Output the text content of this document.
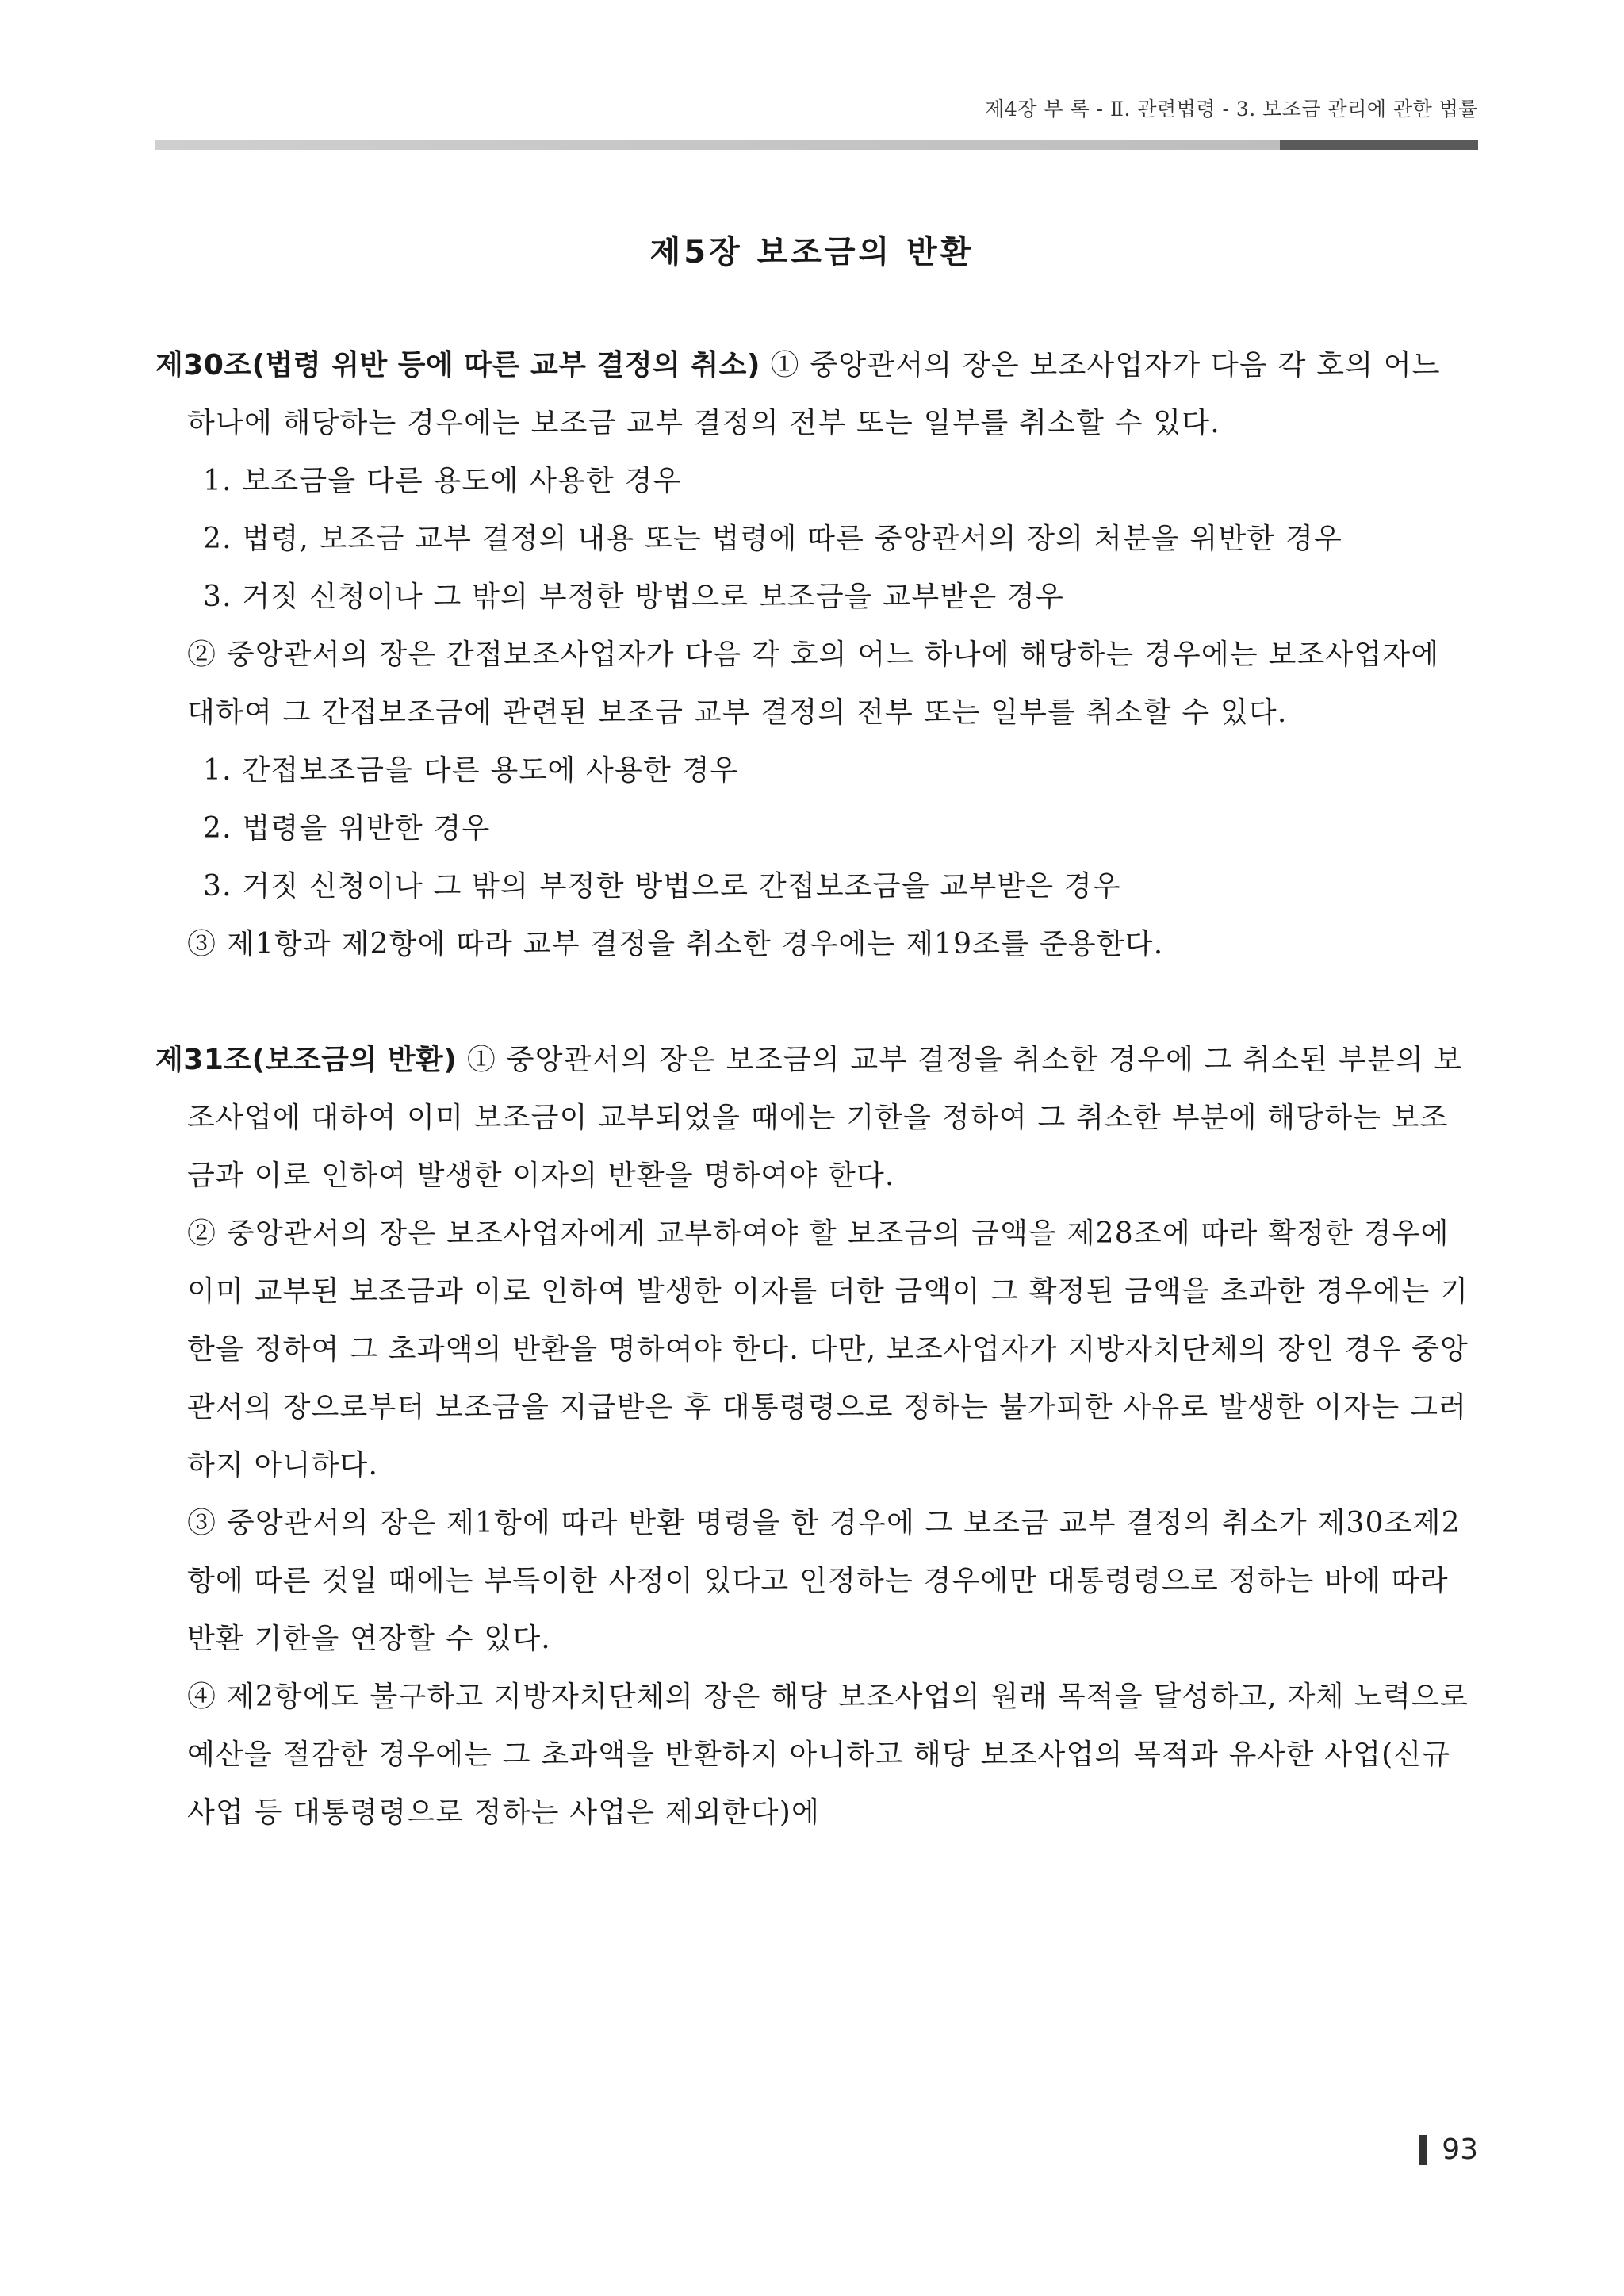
제4장 부 록 - Ⅱ. 관련법령 - 3. 보조금 관리에 관한 법률
제5장 보조금의 반환

제30조(법령 위반 등에 따른 교부 결정의 취소) ① 중앙관서의 장은 보조사업자가 다음 각 호의 어느 하나에 해당하는 경우에는 보조금 교부 결정의 전부 또는 일부를 취소할 수 있다.

1. 보조금을 다른 용도에 사용한 경우

2. 법령, 보조금 교부 결정의 내용 또는 법령에 따른 중앙관서의 장의 처분을 위반한 경우

3. 거짓 신청이나 그 밖의 부정한 방법으로 보조금을 교부받은 경우

② 중앙관서의 장은 간접보조사업자가 다음 각 호의 어느 하나에 해당하는 경우에는 보조사업자에 대하여 그 간접보조금에 관련된 보조금 교부 결정의 전부 또는 일부를 취소할 수 있다.

1. 간접보조금을 다른 용도에 사용한 경우

2. 법령을 위반한 경우

3. 거짓 신청이나 그 밖의 부정한 방법으로 간접보조금을 교부받은 경우

③ 제1항과 제2항에 따라 교부 결정을 취소한 경우에는 제19조를 준용한다.

제31조(보조금의 반환) ① 중앙관서의 장은 보조금의 교부 결정을 취소한 경우에 그 취소된 부분의 보조사업에 대하여 이미 보조금이 교부되었을 때에는 기한을 정하여 그 취소한 부분에 해당하는 보조금과 이로 인하여 발생한 이자의 반환을 명하여야 한다.

② 중앙관서의 장은 보조사업자에게 교부하여야 할 보조금의 금액을 제28조에 따라 확정한 경우에 이미 교부된 보조금과 이로 인하여 발생한 이자를 더한 금액이 그 확정된 금액을 초과한 경우에는 기한을 정하여 그 초과액의 반환을 명하여야 한다. 다만, 보조사업자가 지방자치단체의 장인 경우 중앙관서의 장으로부터 보조금을 지급받은 후 대통령령으로 정하는 불가피한 사유로 발생한 이자는 그러하지 아니하다.

③ 중앙관서의 장은 제1항에 따라 반환 명령을 한 경우에 그 보조금 교부 결정의 취소가 제30조제2항에 따른 것일 때에는 부득이한 사정이 있다고 인정하는 경우에만 대통령령으로 정하는 바에 따라 반환 기한을 연장할 수 있다.

④ 제2항에도 불구하고 지방자치단체의 장은 해당 보조사업의 원래 목적을 달성하고, 자체 노력으로 예산을 절감한 경우에는 그 초과액을 반환하지 아니하고 해당 보조사업의 목적과 유사한 사업(신규사업 등 대통령령으로 정하는 사업은 제외한다)에

93
